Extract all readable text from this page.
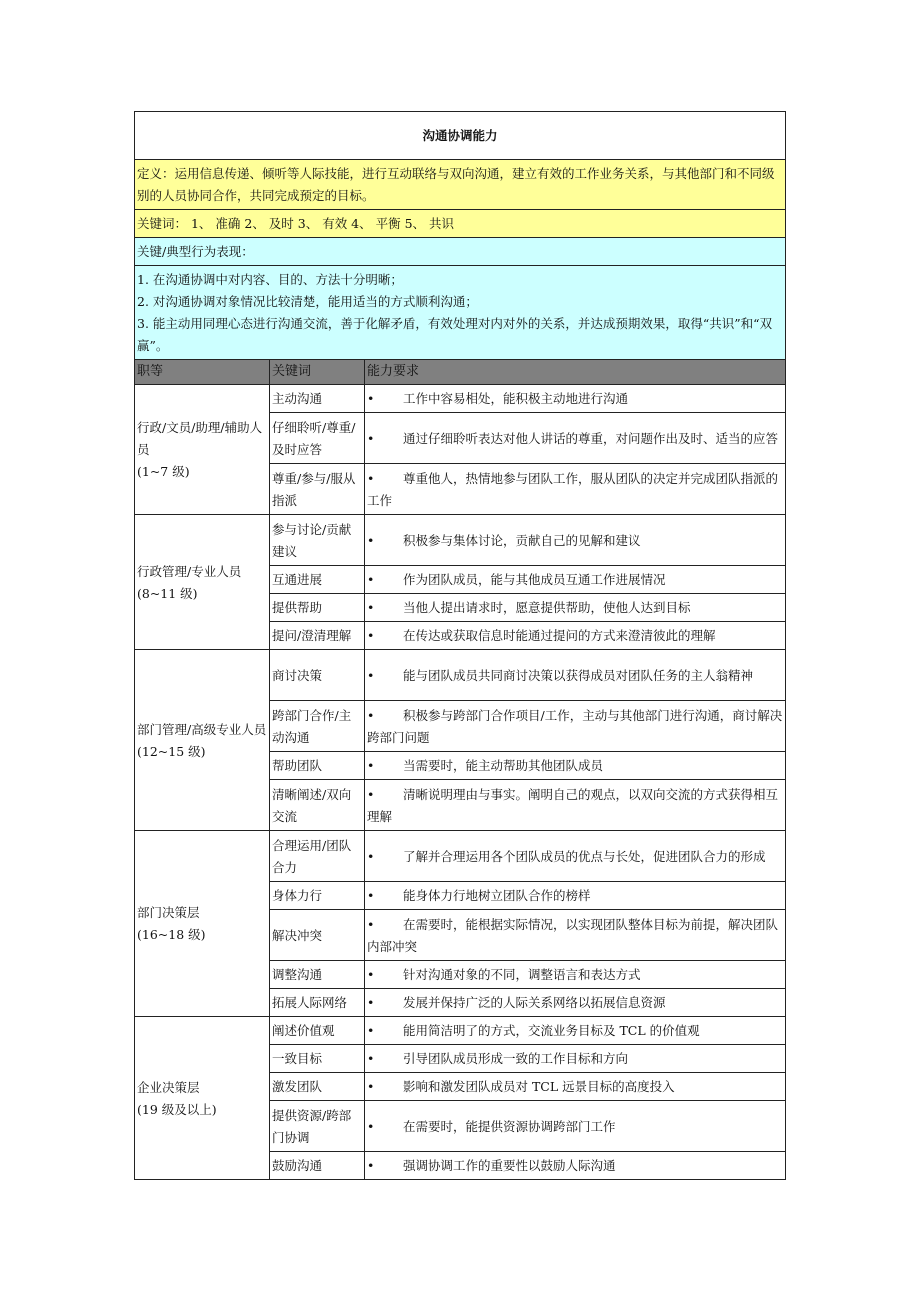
沟通协调能力		
定义：运用信息传递、倾听等人际技能，进行互动联络与双向沟通，建立有效的工作业务关系，与其他部门和不同级别的人员协同合作，共同完成预定的目标。		
关键词： 1、 准确 2、 及时 3、 有效 4、 平衡 5、 共识		
关键/典型行为表现：		

1. 在沟通协调中对内容、目的、方法十分明晰；
2. 对沟通协调对象情况比较清楚，能用适当的方式顺利沟通；
3. 能主动用同理心态进行沟通交流，善于化解矛盾，有效处理对内对外的关系，并达成预期效果，取得“共识”和“双赢”。		

职等	关键词	能力要求

行政/文员/助理/辅助人员
(1~7 级)	主动沟通	• 工作中容易相处，能积极主动地进行沟通
	仔细聆听/尊重/及时应答	• 通过仔细聆听表达对他人讲话的尊重，对问题作出及时、适当的应答
	尊重/参与/服从指派	• 尊重他人，热情地参与团队工作，服从团队的决定并完成团队指派的工作

行政管理/专业人员
(8~11 级)	参与讨论/贡献建议	• 积极参与集体讨论，贡献自己的见解和建议
	互通进展	• 作为团队成员，能与其他成员互通工作进展情况
	提供帮助	• 当他人提出请求时，愿意提供帮助，使他人达到目标
	提问/澄清理解	• 在传达或获取信息时能通过提问的方式来澄清彼此的理解

部门管理/高级专业人员
(12~15 级)	商讨决策	• 能与团队成员共同商讨决策以获得成员对团队任务的主人翁精神
	跨部门合作/主动沟通	• 积极参与跨部门合作项目/工作，主动与其他部门进行沟通，商讨解决跨部门问题
	帮助团队	• 当需要时，能主动帮助其他团队成员
	清晰阐述/双向交流	• 清晰说明理由与事实。阐明自己的观点，以双向交流的方式获得相互理解

部门决策层
(16~18 级)	合理运用/团队合力	• 了解并合理运用各个团队成员的优点与长处，促进团队合力的形成
	身体力行	• 能身体力行地树立团队合作的榜样
	解决冲突	• 在需要时，能根据实际情况，以实现团队整体目标为前提，解决团队内部冲突
	调整沟通	• 针对沟通对象的不同，调整语言和表达方式
	拓展人际网络	• 发展并保持广泛的人际关系网络以拓展信息资源

企业决策层
(19 级及以上)	阐述价值观	• 能用简洁明了的方式，交流业务目标及 TCL 的价值观
	一致目标	• 引导团队成员形成一致的工作目标和方向
	激发团队	• 影响和激发团队成员对 TCL 远景目标的高度投入
	提供资源/跨部门协调	• 在需要时，能提供资源协调跨部门工作
	鼓励沟通	• 强调协调工作的重要性以鼓励人际沟通
